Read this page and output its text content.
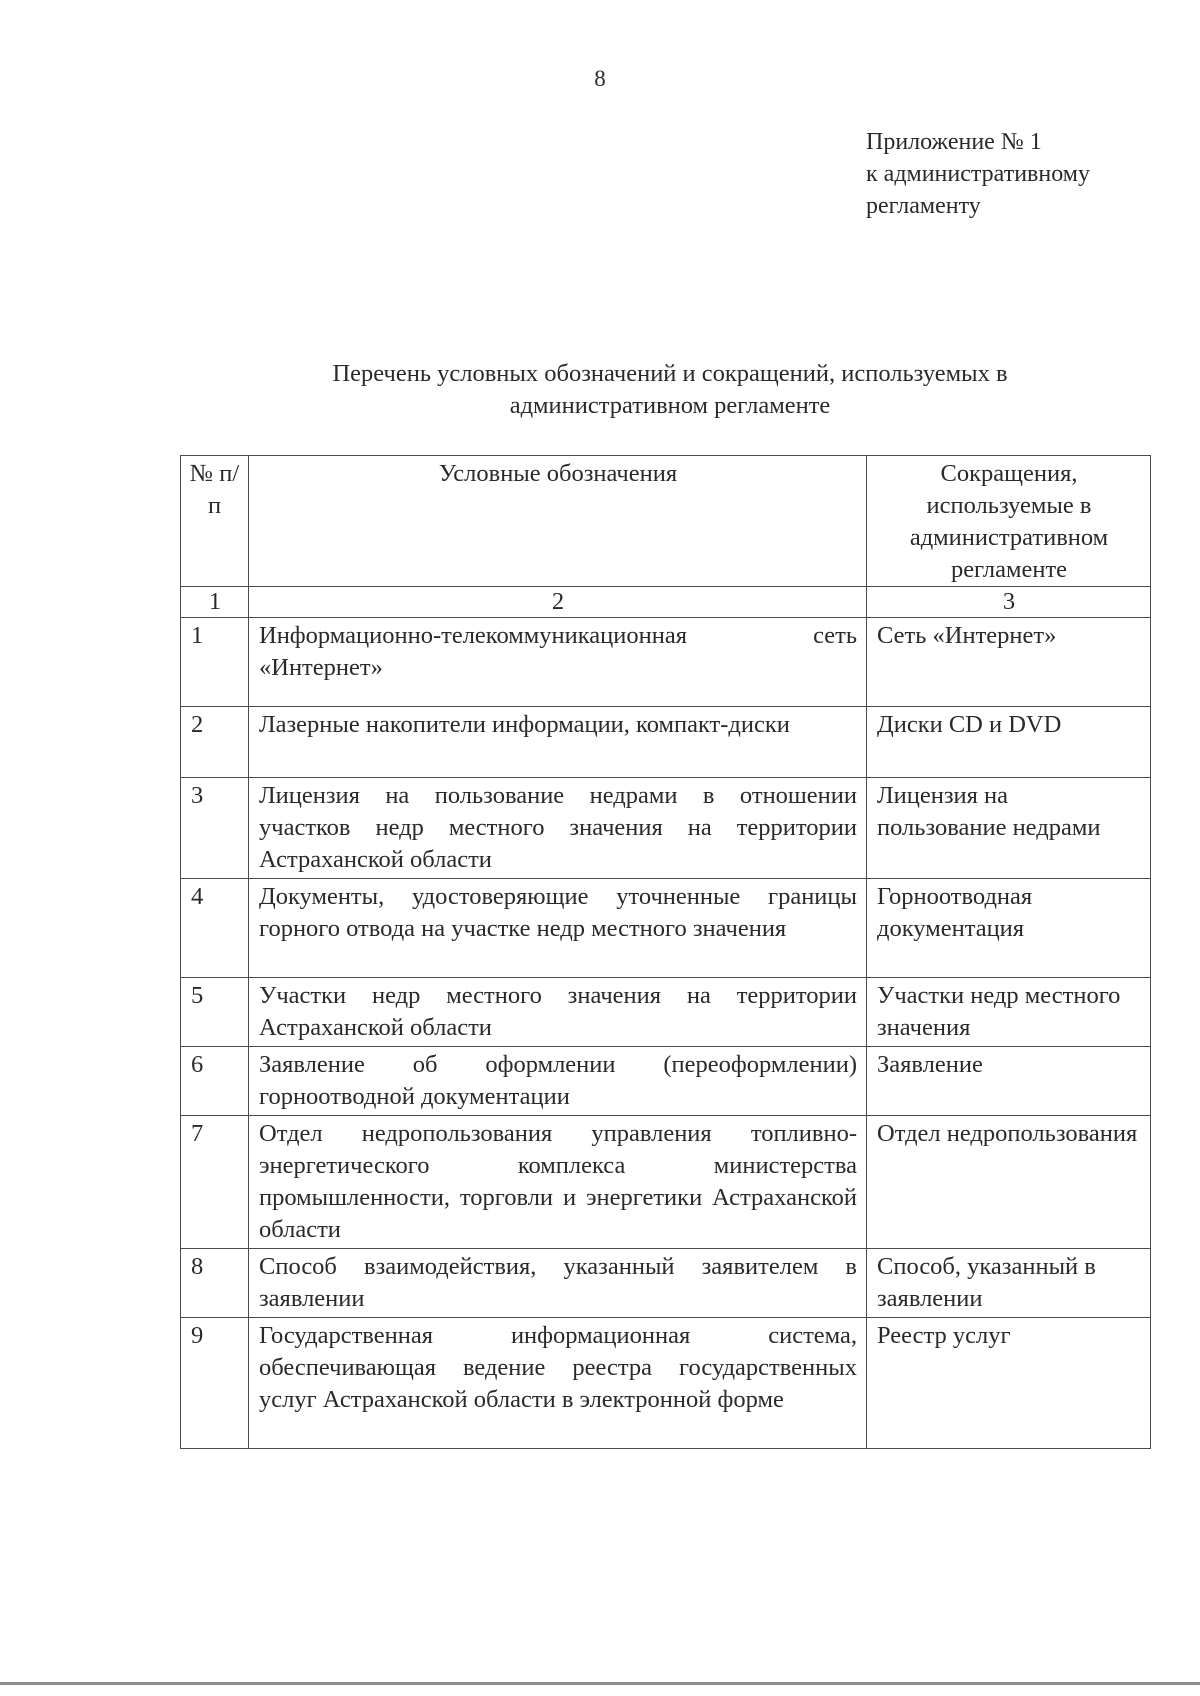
8
Приложение № 1
к административному
регламенту
Перечень условных обозначений и сокращений, используемых в
административном регламенте
№ п/п	Условные обозначения	Сокращения, используемые в административном регламенте
1	2	3
1	Информационно-телекоммуникационная сеть «Интернет»	Сеть «Интернет»
2	Лазерные накопители информации, компакт-диски	Диски CD и DVD
3	Лицензия на пользование недрами в отношении участков недр местного значения на территории Астраханской области	Лицензия на пользование недрами
4	Документы, удостоверяющие уточненные границы горного отвода на участке недр местного значения	Горноотводная документация
5	Участки недр местного значения на территории Астраханской области	Участки недр местного значения
6	Заявление об оформлении (переоформлении) горноотводной документации	Заявление
7	Отдел недропользования управления топливно-энергетического комплекса министерства промышленности, торговли и энергетики Астраханской области	Отдел недропользования
8	Способ взаимодействия, указанный заявителем в заявлении	Способ, указанный в заявлении
9	Государственная информационная система, обеспечивающая ведение реестра государственных услуг Астраханской области в электронной форме	Реестр услуг
